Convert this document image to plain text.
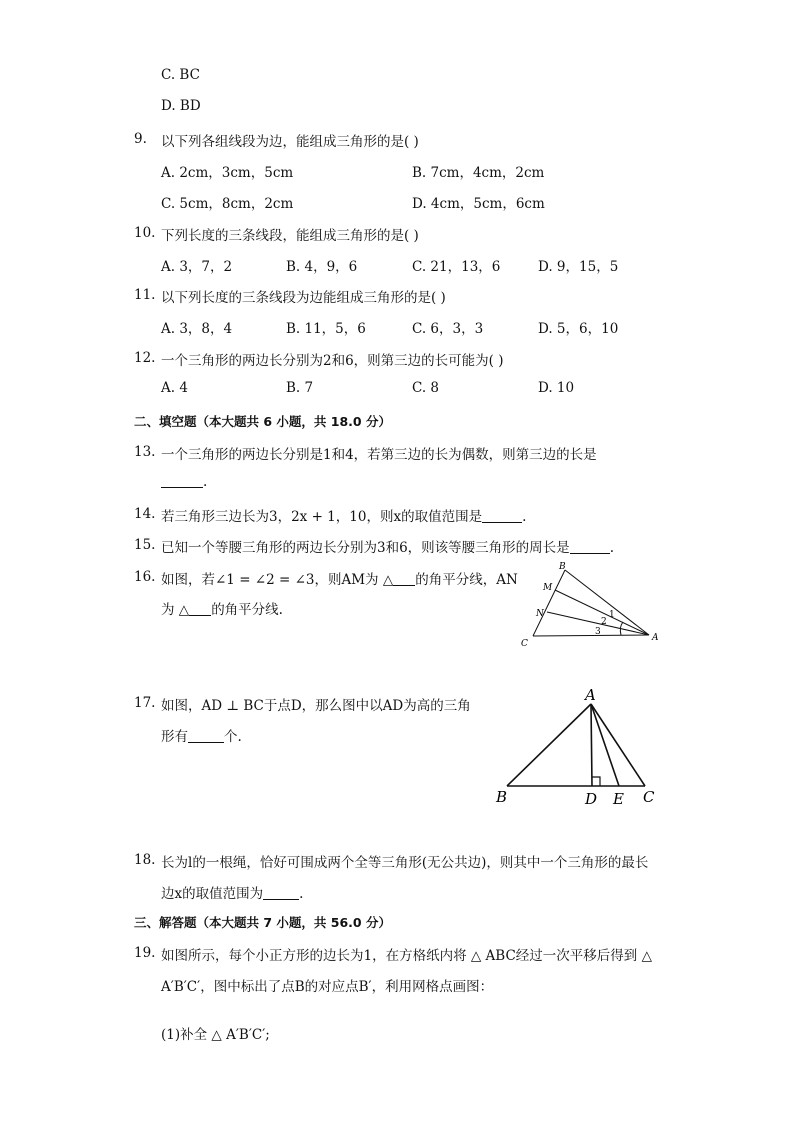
C. BC
D. BD
9. 以下列各组线段为边，能组成三角形的是( )
A. 2cm，3cm，5cm	B. 7cm，4cm，2cm
C. 5cm，8cm，2cm	D. 4cm，5cm，6cm
10. 下列长度的三条线段，能组成三角形的是( )
A. 3，7，2	B. 4，9，6	C. 21，13，6	D. 9，15，5
11. 以下列长度的三条线段为边能组成三角形的是( )
A. 3，8，4	B. 11，5，6	C. 6，3，3	D. 5，6，10
12. 一个三角形的两边长分别为2和6，则第三边的长可能为( )
A. 4	B. 7	C. 8	D. 10
二、填空题（本大题共 6 小题，共 18.0 分）
13. 一个三角形的两边长分别是1和4，若第三边的长为偶数，则第三边的长是
.
14. 若三角形三边长为3，2x + 1，10，则x的取值范围是	.
15. 已知一个等腰三角形的两边长分别为3和6，则该等腰三角形的周长是	.
16. 如图，若∠1 = ∠2 = ∠3，则AM为 △ 的角平分线，AN
为 △ 的角平分线.
B
M
N
C
A
1
2
3
17. 如图，AD ⊥ BC于点D，那么图中以AD为高的三角
形有	个.
A
B	D E C
18. 长为l的一根绳，恰好可围成两个全等三角形(无公共边)，则其中一个三角形的最长
边x的取值范围为	.
三、解答题（本大题共 7 小题，共 56.0 分）
19. 如图所示，每个小正方形的边长为1，在方格纸内将 △ ABC经过一次平移后得到 △
A′B′C′，图中标出了点B的对应点B′，利用网格点画图：
(1)补全 △ A′B′C′;
